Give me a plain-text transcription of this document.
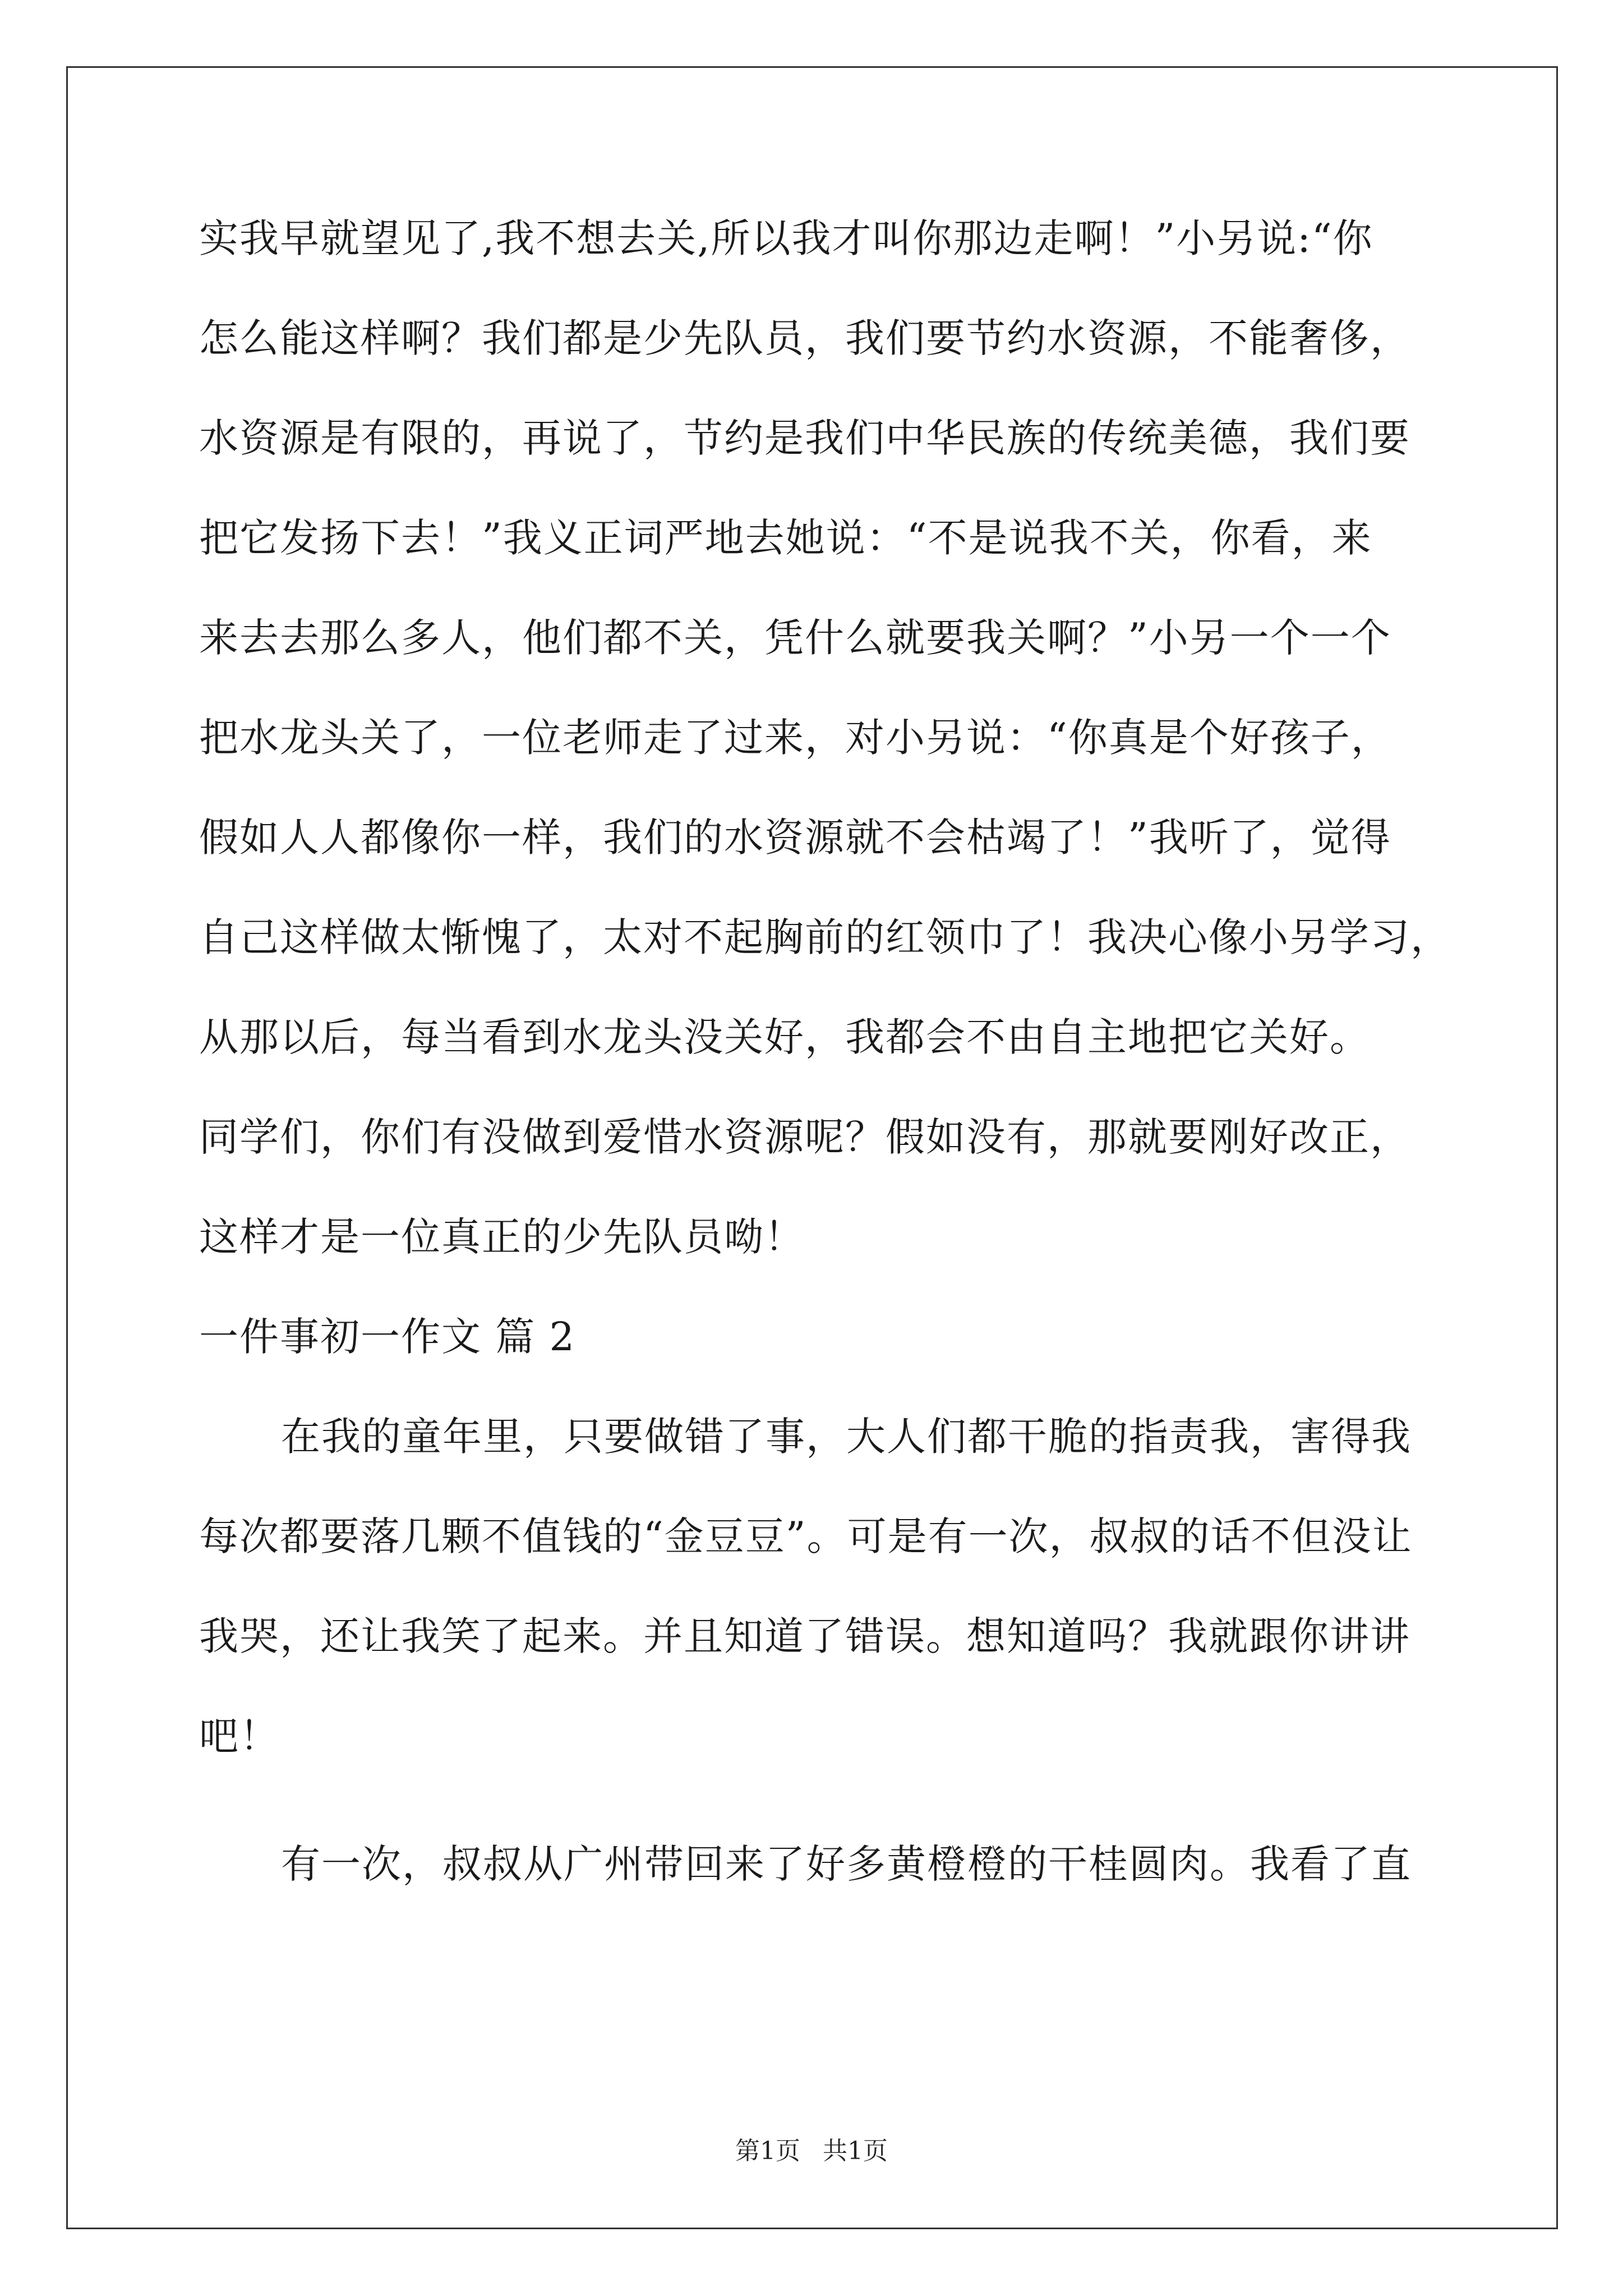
实我早就望见了,我不想去关,所以我才叫你那边走啊！”小另说:“你
怎么能这样啊？我们都是少先队员，我们要节约水资源，不能奢侈，
水资源是有限的，再说了，节约是我们中华民族的传统美德，我们要
把它发扬下去！”我义正词严地去她说：“不是说我不关，你看，来
来去去那么多人，他们都不关，凭什么就要我关啊？”小另一个一个
把水龙头关了，一位老师走了过来，对小另说：“你真是个好孩子，
假如人人都像你一样，我们的水资源就不会枯竭了！”我听了，觉得
自己这样做太惭愧了，太对不起胸前的红领巾了！我决心像小另学习，
从那以后，每当看到水龙头没关好，我都会不由自主地把它关好。
同学们，你们有没做到爱惜水资源呢？假如没有，那就要刚好改正，
这样才是一位真正的少先队员呦！
一件事初一作文 篇 2
在我的童年里，只要做错了事，大人们都干脆的指责我，害得我
每次都要落几颗不值钱的“金豆豆”。可是有一次，叔叔的话不但没让
我哭，还让我笑了起来。并且知道了错误。想知道吗？我就跟你讲讲
吧！
有一次，叔叔从广州带回来了好多黄橙橙的干桂圆肉。我看了直
第1页 共1页
